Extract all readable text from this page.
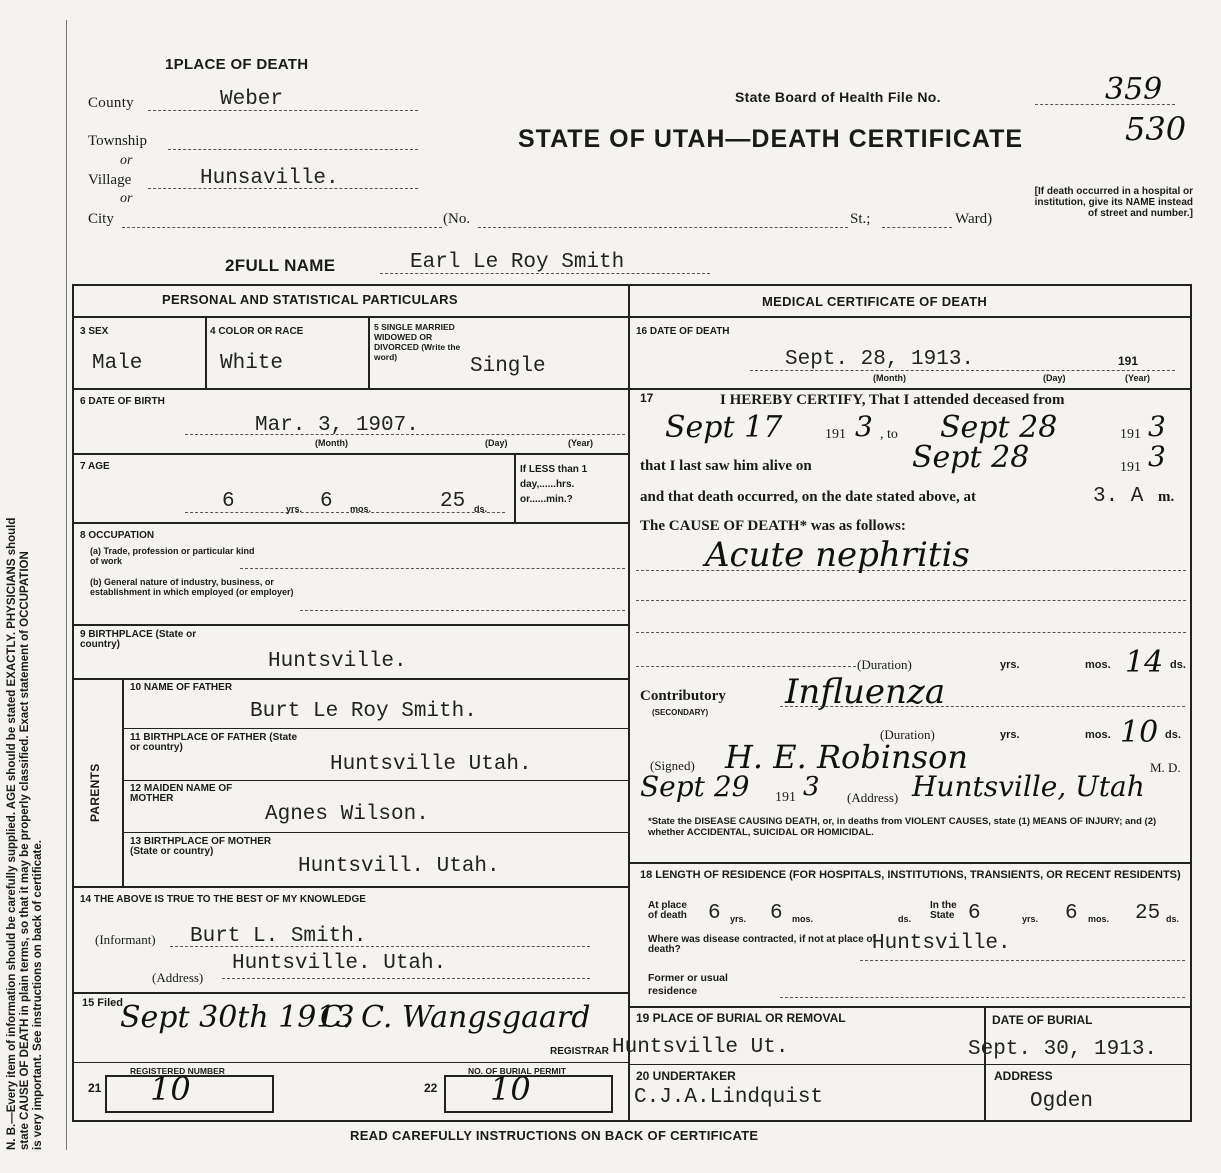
N. B.—Every item of information should be carefully supplied. AGE should be stated EXACTLY. PHYSICIANS should state CAUSE OF DEATH in plain terms, so that it may be properly classified. Exact statement of OCCUPATION is very important. See instructions on back of certificate.
1PLACE OF DEATH
County	Weber
Township
or
Village	Hunsaville.
or
City	(No.	St.;	Ward)
State Board of Health File No.	359
STATE OF UTAH—DEATH CERTIFICATE	530
[If death occurred in a hospital or institution, give its NAME instead of street and number.]
2FULL NAME	Earl Le Roy Smith
PERSONAL AND STATISTICAL PARTICULARS
3 SEX
Male
4 COLOR OR RACE
White
5 SINGLE MARRIED WIDOWED OR DIVORCED (Write the word)	Single
6 DATE OF BIRTH
Mar. 3, 1907.
(Month)	(Day)	(Year)
7 AGE
6	yrs. 6 mos.	25 ds.
If LESS than 1 day,......hrs. or......min.?
8 OCCUPATION
(a) Trade, profession or particular kind of work
(b) General nature of industry, business, or establishment in which employed (or employer)
9 BIRTHPLACE (State or country)
Huntsville.
PARENTS
10 NAME OF FATHER
Burt Le Roy Smith.
11 BIRTHPLACE OF FATHER (State or country)
Huntsville Utah.
12 MAIDEN NAME OF MOTHER
Agnes Wilson.
13 BIRTHPLACE OF MOTHER (State or country)
Huntsvill. Utah.
14 THE ABOVE IS TRUE TO THE BEST OF MY KNOWLEDGE
(Informant) Burt L. Smith.
(Address)
Huntsville. Utah.
15 Filed
Sept 30th 1913
C. C. Wangsgaard
REGISTRAR
REGISTERED NUMBER
21 10	NO. OF BURIAL PERMIT
22 10
MEDICAL CERTIFICATE OF DEATH
16 DATE OF DEATH
Sept. 28, 1913.	191
(Month)	(Day)	(Year)
17	I HEREBY CERTIFY, That I attended deceased from
Sept 17	191 3 , to Sept 28	191 3
that I last saw him alive on	Sept 28	191 3
and that death occurred, on the date stated above, at	3. A m.
The CAUSE OF DEATH* was as follows:
Acute nephritis
(Duration)	yrs.	mos. 14 ds.
Contributory
(SECONDARY)
Influenza
(Duration)	yrs.	mos. 10 ds.
(Signed) H. E. Robinson	M. D.
Sept 29 191 3 (Address) Huntsville, Utah
*State the DISEASE CAUSING DEATH, or, in deaths from VIOLENT CAUSES, state (1) MEANS OF INJURY; and (2) whether ACCIDENTAL, SUICIDAL OR HOMICIDAL.
18 LENGTH OF RESIDENCE (FOR HOSPITALS, INSTITUTIONS, TRANSIENTS, OR RECENT RESIDENTS)
At place of death	6 yrs. 6 mos.	ds.
In the State 6	yrs. 6 mos. 25 ds.
Where was disease contracted, if not at place of death?	Huntsville.
Former or usual residence
19 PLACE OF BURIAL OR REMOVAL
Huntsville Ut.
DATE OF BURIAL
Sept. 30, 1913.
20 UNDERTAKER
C.J.A.Lindquist
ADDRESS
Ogden
READ CAREFULLY INSTRUCTIONS ON BACK OF CERTIFICATE
